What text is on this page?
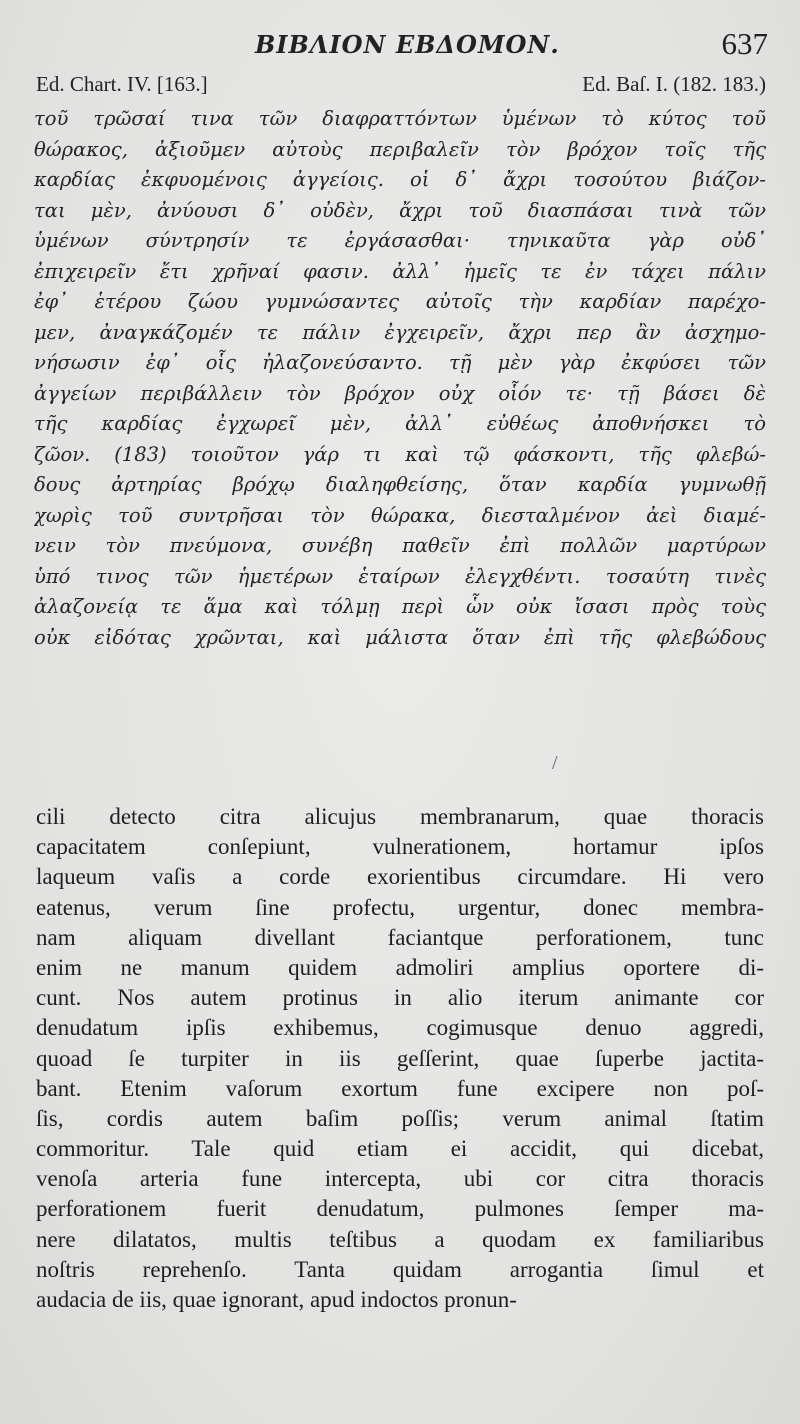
ΒΙΒΛΙΟΝ ΕΒΔΟΜΟΝ.	637
Ed. Chart. IV. [163.]	Ed. Baſ. I. (182. 183.)
τοῦ τρῶσαί τινα τῶν διαφραττόντων ὑμένων τὸ κύτος τοῦ
θώρακος, ἀξιοῦμεν αὐτοὺς περιβαλεῖν τὸν βρόχον τοῖς τῆς
καρδίας ἐκφυομένοις ἀγγείοις. οἱ δ᾽ ἄχρι τοσούτου βιάζον-
ται μὲν, ἀνύουσι δ᾽ οὐδὲν, ἄχρι τοῦ διασπάσαι τινὰ τῶν
ὑμένων σύντρησίν τε ἐργάσασθαι· τηνικαῦτα γὰρ οὐδ᾽
ἐπιχειρεῖν ἔτι χρῆναί φασιν. ἀλλ᾽ ἡμεῖς τε ἐν τάχει πάλιν
ἐφ᾽ ἑτέρου ζώου γυμνώσαντες αὐτοῖς τὴν καρδίαν παρέχο-
μεν, ἀναγκάζομέν τε πάλιν ἐγχειρεῖν, ἄχρι περ ἂν ἀσχημο-
νήσωσιν ἐφ᾽ οἷς ἠλαζονεύσαντο. τῇ μὲν γὰρ ἐκφύσει τῶν
ἀγγείων περιβάλλειν τὸν βρόχον οὐχ οἷόν τε· τῇ βάσει δὲ
τῆς καρδίας ἐγχωρεῖ μὲν, ἀλλ᾽ εὐθέως ἀποθνήσκει τὸ
ζῶον. (183) τοιοῦτον γάρ τι καὶ τῷ φάσκοντι, τῆς φλεβώ-
δους ἀρτηρίας βρόχῳ διαληφθείσης, ὅταν καρδία γυμνωθῇ
χωρὶς τοῦ συντρῆσαι τὸν θώρακα, διεσταλμένον ἀεὶ διαμέ-
νειν τὸν πνεύμονα, συνέβη παθεῖν ἐπὶ πολλῶν μαρτύρων
ὑπό τινος τῶν ἡμετέρων ἑταίρων ἐλεγχθέντι. τοσαύτη τινὲς
ἀλαζονείᾳ τε ἅμα καὶ τόλμῃ περὶ ὧν οὐκ ἴσασι πρὸς τοὺς
οὐκ εἰδότας χρῶνται, καὶ μάλιστα ὅταν ἐπὶ τῆς φλεβώδους
/
cili detecto citra alicujus membranarum, quae thoracis
capacitatem conſepiunt, vulnerationem, hortamur ipſos
laqueum vaſis a corde exorientibus circumdare. Hi vero
eatenus, verum ſine profectu, urgentur, donec membra-
nam aliquam divellant faciantque perforationem, tunc
enim ne manum quidem admoliri amplius oportere di-
cunt. Nos autem protinus in alio iterum animante cor
denudatum ipſis exhibemus, cogimusque denuo aggredi,
quoad ſe turpiter in iis geſſerint, quae ſuperbe jactita-
bant. Etenim vaſorum exortum fune excipere non poſ-
ſis, cordis autem baſim poſſis; verum animal ſtatim
commoritur. Tale quid etiam ei accidit, qui dicebat,
venoſa arteria fune intercepta, ubi cor citra thoracis
perforationem fuerit denudatum, pulmones ſemper ma-
nere dilatatos, multis teſtibus a quodam ex familiaribus
noſtris reprehenſo. Tanta quidam arrogantia ſimul et
audacia de iis, quae ignorant, apud indoctos pronun-
